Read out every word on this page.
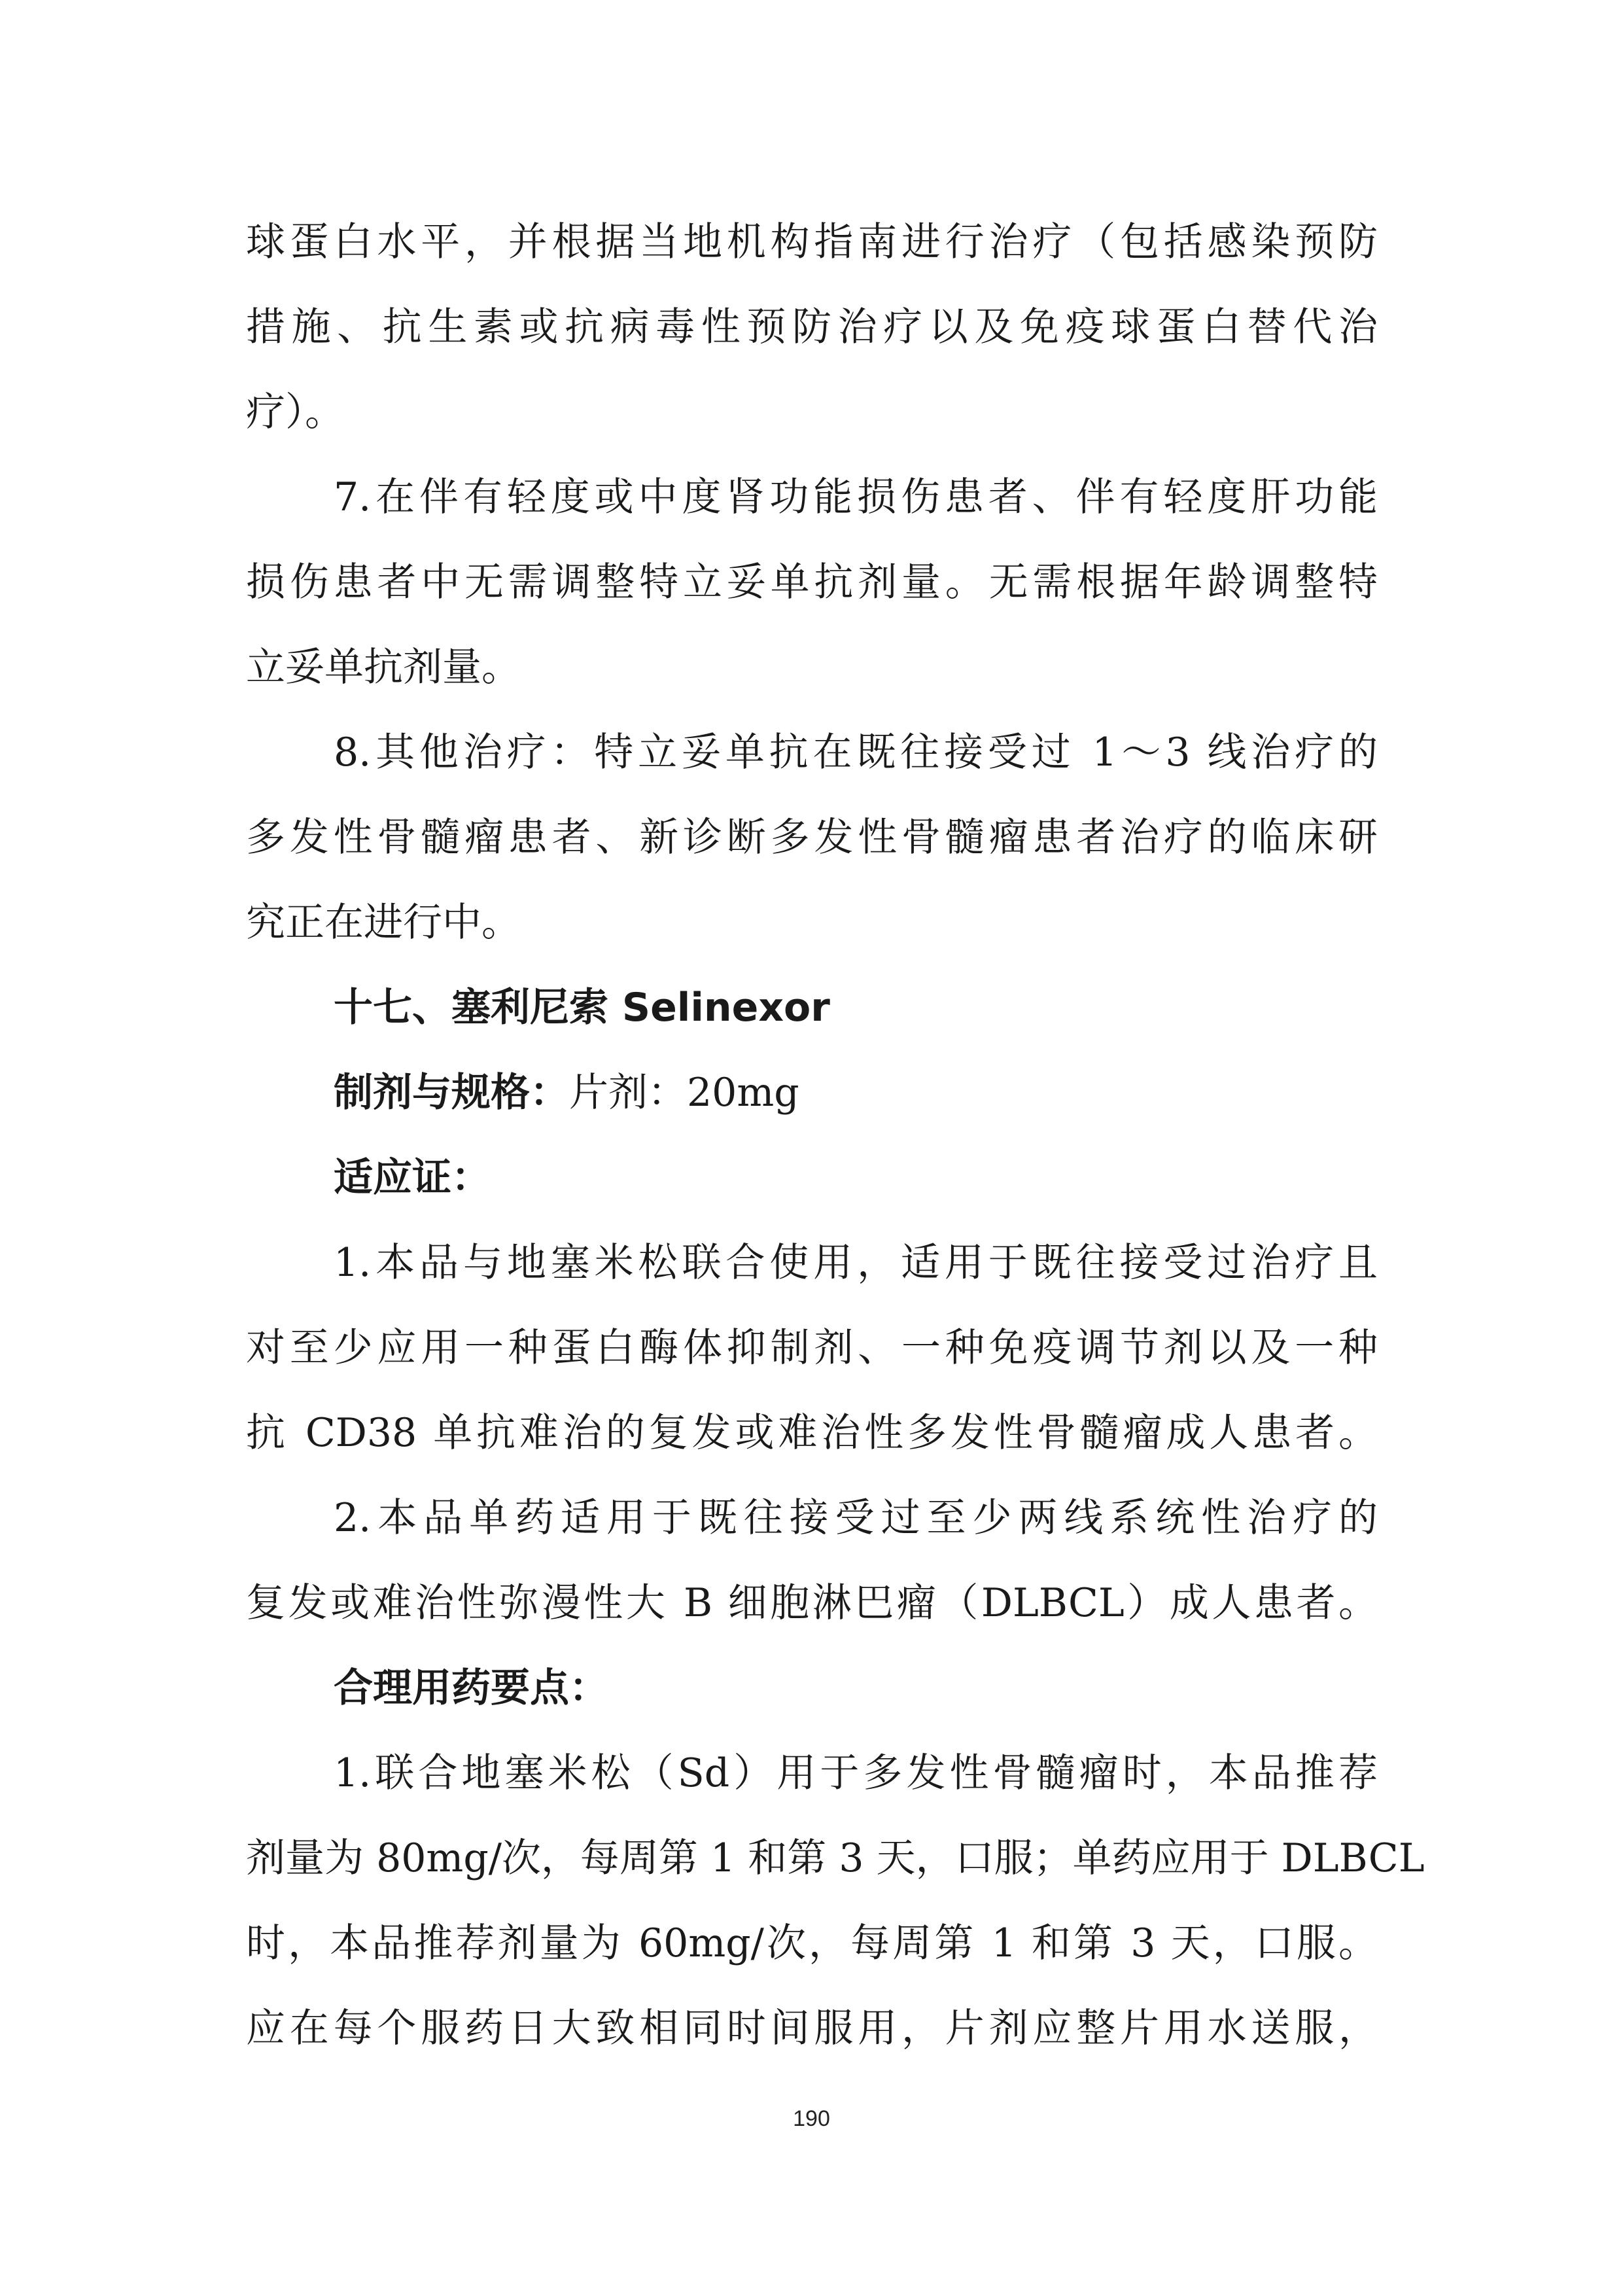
球蛋白水平，并根据当地机构指南进行治疗（包括感染预防
措施、抗生素或抗病毒性预防治疗以及免疫球蛋白替代治
疗）。
7.在伴有轻度或中度肾功能损伤患者、伴有轻度肝功能
损伤患者中无需调整特立妥单抗剂量。无需根据年龄调整特
立妥单抗剂量。
8.其他治疗：特立妥单抗在既往接受过 1～3 线治疗的
多发性骨髓瘤患者、新诊断多发性骨髓瘤患者治疗的临床研
究正在进行中。
十七、塞利尼索 Selinexor
制剂与规格：片剂：20mg
适应证：
1.本品与地塞米松联合使用，适用于既往接受过治疗且
对至少应用一种蛋白酶体抑制剂、一种免疫调节剂以及一种
抗 CD38 单抗难治的复发或难治性多发性骨髓瘤成人患者。
2.本品单药适用于既往接受过至少两线系统性治疗的
复发或难治性弥漫性大 B 细胞淋巴瘤（DLBCL）成人患者。
合理用药要点：
1.联合地塞米松（Sd）用于多发性骨髓瘤时，本品推荐
剂量为 80mg/次，每周第 1 和第 3 天，口服；单药应用于 DLBCL
时，本品推荐剂量为 60mg/次，每周第 1 和第 3 天，口服。
应在每个服药日大致相同时间服用，片剂应整片用水送服，
190
